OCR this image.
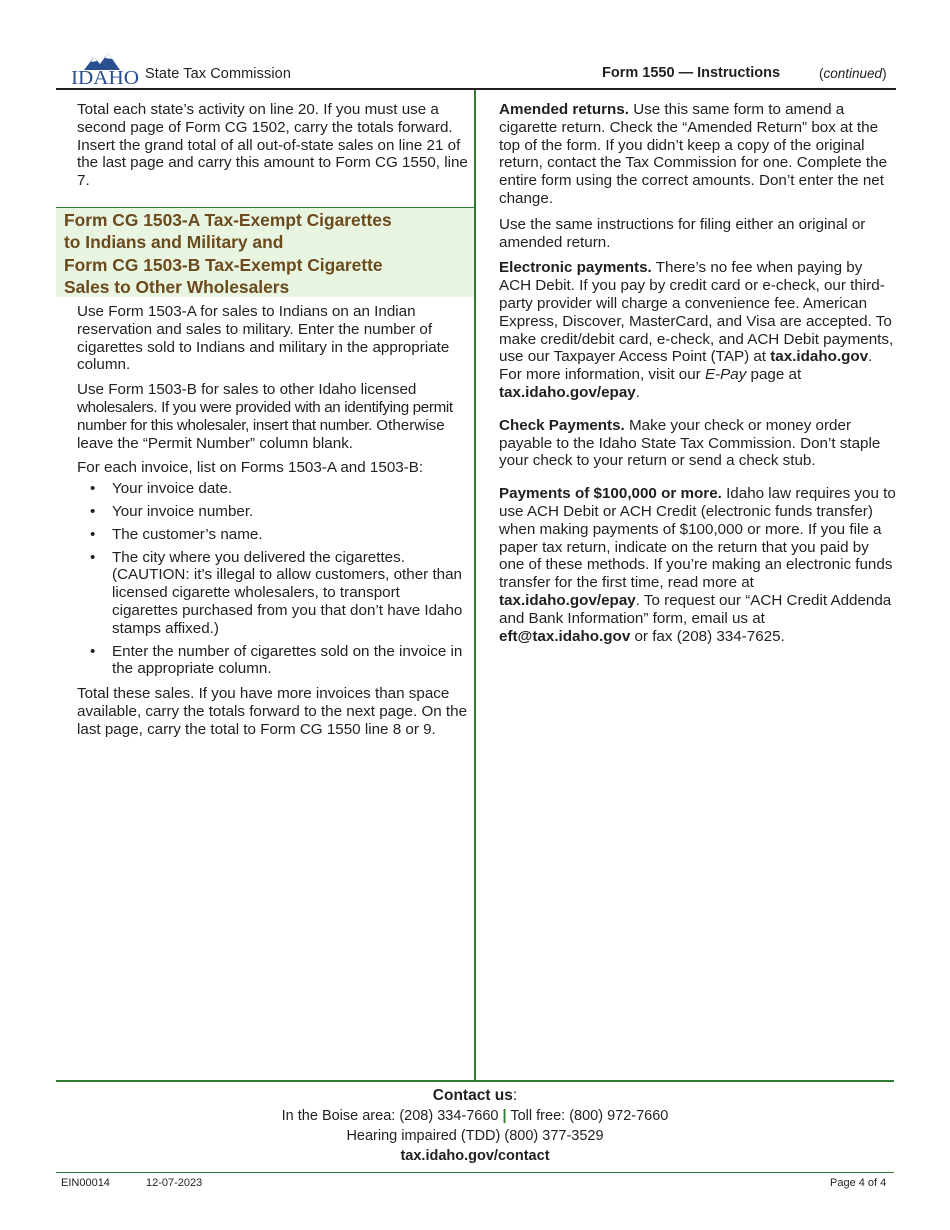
IDAHO State Tax Commission	Form 1550 — Instructions	(continued)

Total each state’s activity on line 20. If you must use a second page of Form CG 1502, carry the totals forward. Insert the grand total of all out-of-state sales on line 21 of the last page and carry this amount to Form CG 1550, line 7.

Form CG 1503-A Tax-Exempt Cigarettes
to Indians and Military and
Form CG 1503-B Tax-Exempt Cigarette
Sales to Other Wholesalers

Use Form 1503-A for sales to Indians on an Indian reservation and sales to military. Enter the number of cigarettes sold to Indians and military in the appropriate column.

Use Form 1503-B for sales to other Idaho licensed wholesalers. If you were provided with an identifying permit number for this wholesaler, insert that number. Otherwise leave the “Permit Number” column blank.

For each invoice, list on Forms 1503-A and 1503-B:

• Your invoice date.
• Your invoice number.
• The customer’s name.
• The city where you delivered the cigarettes. (CAUTION: it’s illegal to allow customers, other than licensed cigarette wholesalers, to transport cigarettes purchased from you that don’t have Idaho stamps affixed.)
• Enter the number of cigarettes sold on the invoice in the appropriate column.

Total these sales. If you have more invoices than space available, carry the totals forward to the next page. On the last page, carry the total to Form CG 1550 line 8 or 9.

Amended returns. Use this same form to amend a cigarette return. Check the “Amended Return” box at the top of the form. If you didn’t keep a copy of the original return, contact the Tax Commission for one. Complete the entire form using the correct amounts. Don’t enter the net change.

Use the same instructions for filing either an original or amended return.

Electronic payments. There’s no fee when paying by ACH Debit. If you pay by credit card or e-check, our third-party provider will charge a convenience fee. American Express, Discover, MasterCard, and Visa are accepted. To make credit/debit card, e-check, and ACH Debit payments, use our Taxpayer Access Point (TAP) at tax.idaho.gov. For more information, visit our E-Pay page at tax.idaho.gov/epay.

Check Payments. Make your check or money order payable to the Idaho State Tax Commission. Don’t staple your check to your return or send a check stub.

Payments of $100,000 or more. Idaho law requires you to use ACH Debit or ACH Credit (electronic funds transfer) when making payments of $100,000 or more. If you file a paper tax return, indicate on the return that you paid by one of these methods. If you’re making an electronic funds transfer for the first time, read more at tax.idaho.gov/epay. To request our “ACH Credit Addenda and Bank Information” form, email us at eft@tax.idaho.gov or fax (208) 334-7625.

Contact us:
In the Boise area: (208) 334-7660 | Toll free: (800) 972-7660
Hearing impaired (TDD) (800) 377-3529
tax.idaho.gov/contact
EIN00014	12-07-2023	Page 4 of 4
